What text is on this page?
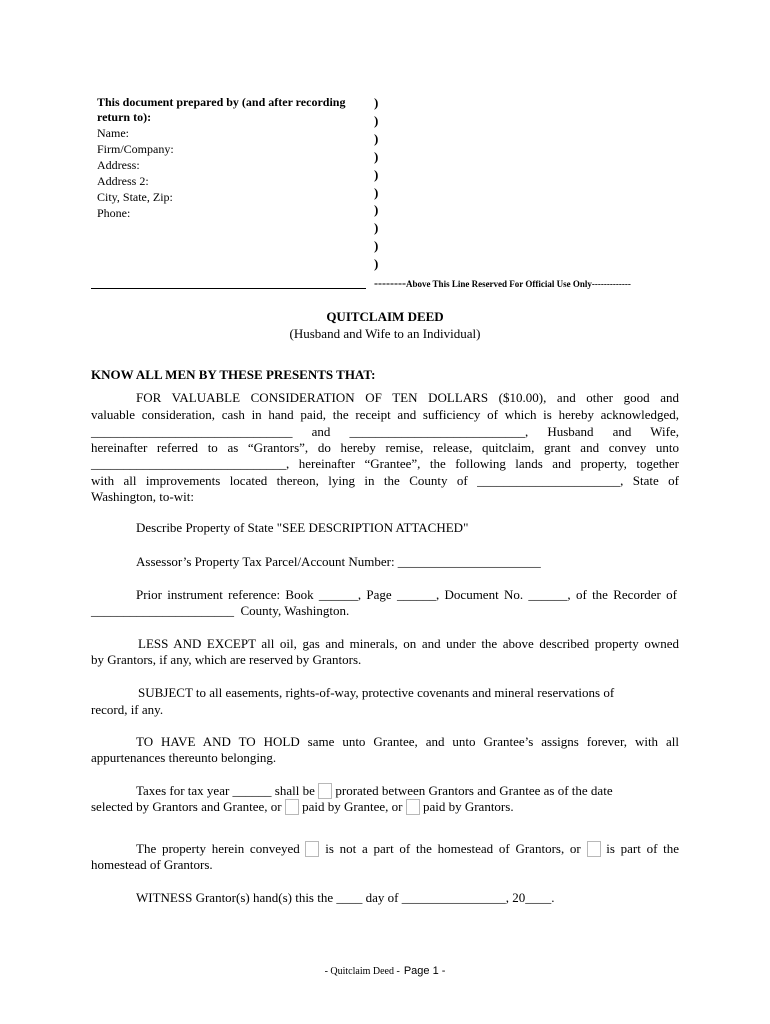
This document prepared by (and after recording
return to):
Name:
Firm/Company:
Address:
Address 2:
City, State, Zip:
Phone:
)
)
)
)
)
)
)
)
)
)
--------Above This Line Reserved For Official Use Only-------------
QUITCLAIM DEED
(Husband and Wife to an Individual)
KNOW ALL MEN BY THESE PRESENTS THAT:
FOR VALUABLE CONSIDERATION OF TEN DOLLARS ($10.00), and other good and
valuable consideration, cash in hand paid, the receipt and sufficiency of which is hereby acknowledged,
_______________________________ and ___________________________, Husband and Wife,
hereinafter referred to as “Grantors”, do hereby remise, release, quitclaim, grant and convey unto
______________________________, hereinafter “Grantee”, the following lands and property, together
with all improvements located thereon, lying in the County of ______________________, State of
Washington, to-wit:
Describe Property of State "SEE DESCRIPTION ATTACHED"
Assessor’s Property Tax Parcel/Account Number: ______________________
Prior instrument reference: Book ______, Page ______, Document No. ______, of the Recorder of
______________________  County, Washington.
LESS AND EXCEPT all oil, gas and minerals, on and under the above described property owned
by Grantors, if any, which are reserved by Grantors.
SUBJECT to all easements, rights-of-way, protective covenants and mineral reservations of
record, if any.
TO HAVE AND TO HOLD same unto Grantee, and unto Grantee’s assigns forever, with all
appurtenances thereunto belonging.
Taxes for tax year ______ shall be prorated between Grantors and Grantee as of the date
selected by Grantors and Grantee, or paid by Grantee, or paid by Grantors.
The property herein conveyed is not a part of the homestead of Grantors, or is part of the
homestead of Grantors.
WITNESS Grantor(s) hand(s) this the ____ day of ________________, 20____.
- Quitclaim Deed - Page 1 -
